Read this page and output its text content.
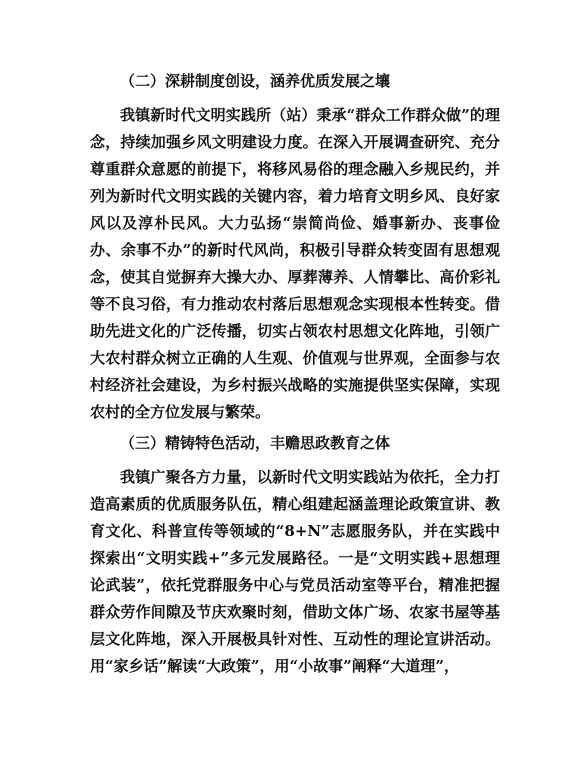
（二）深耕制度创设，涵养优质发展之壤

我镇新时代文明实践所（站）秉承“群众工作群众做”的理念，持续加强乡风文明建设力度。在深入开展调查研究、充分尊重群众意愿的前提下，将移风易俗的理念融入乡规民约，并列为新时代文明实践的关键内容，着力培育文明乡风、良好家风以及淳朴民风。大力弘扬“崇简尚俭、婚事新办、丧事俭办、余事不办”的新时代风尚，积极引导群众转变固有思想观念，使其自觉摒弃大操大办、厚葬薄养、人情攀比、高价彩礼等不良习俗，有力推动农村落后思想观念实现根本性转变。借助先进文化的广泛传播，切实占领农村思想文化阵地，引领广大农村群众树立正确的人生观、价值观与世界观，全面参与农村经济社会建设，为乡村振兴战略的实施提供坚实保障，实现农村的全方位发展与繁荣。

（三）精铸特色活动，丰赡思政教育之体

我镇广聚各方力量，以新时代文明实践站为依托，全力打造高素质的优质服务队伍，精心组建起涵盖理论政策宣讲、教育文化、科普宣传等领域的“8+N”志愿服务队，并在实践中探索出“文明实践+”多元发展路径。一是“文明实践+思想理论武装”，依托党群服务中心与党员活动室等平台，精准把握群众劳作间隙及节庆欢聚时刻，借助文体广场、农家书屋等基层文化阵地，深入开展极具针对性、互动性的理论宣讲活动。用“家乡话”解读“大政策”，用“小故事”阐释“大道理”，
